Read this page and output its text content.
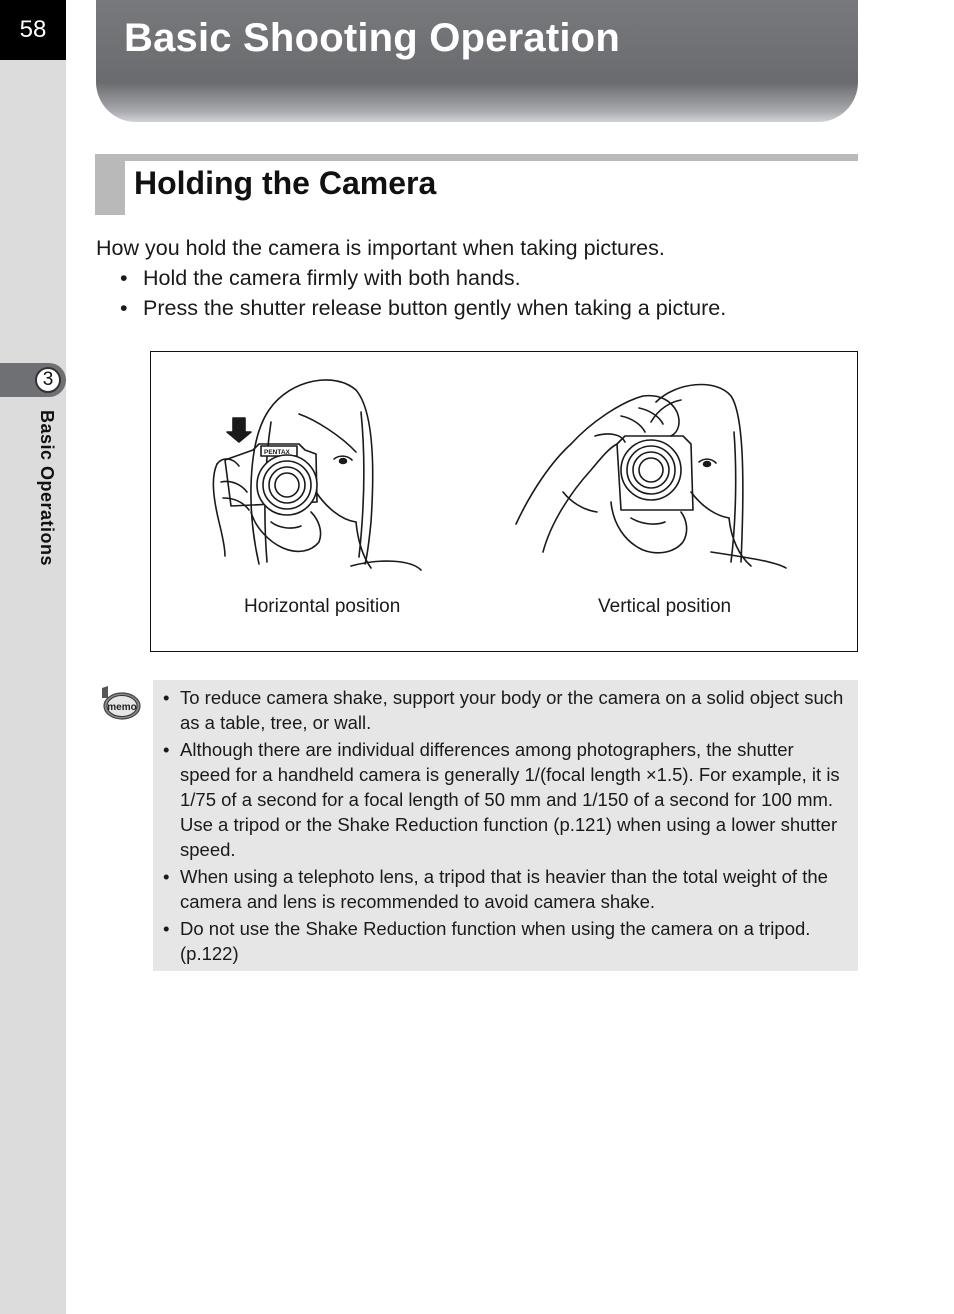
58
3
Basic Operations
Basic Shooting Operation
Holding the Camera

How you hold the camera is important when taking pictures.

• Hold the camera firmly with both hands.
• Press the shutter release button gently when taking a picture.
PENTAX
Horizontal position	Vertical position
memo • To reduce camera shake, support your body or the camera on a solid object such as a table, tree, or wall.
• Although there are individual differences among photographers, the shutter speed for a handheld camera is generally 1/(focal length ×1.5). For example, it is 1/75 of a second for a focal length of 50 mm and 1/150 of a second for 100 mm. Use a tripod or the Shake Reduction function (p.121) when using a lower shutter speed.
• When using a telephoto lens, a tripod that is heavier than the total weight of the camera and lens is recommended to avoid camera shake.
• Do not use the Shake Reduction function when using the camera on a tripod. (p.122)
